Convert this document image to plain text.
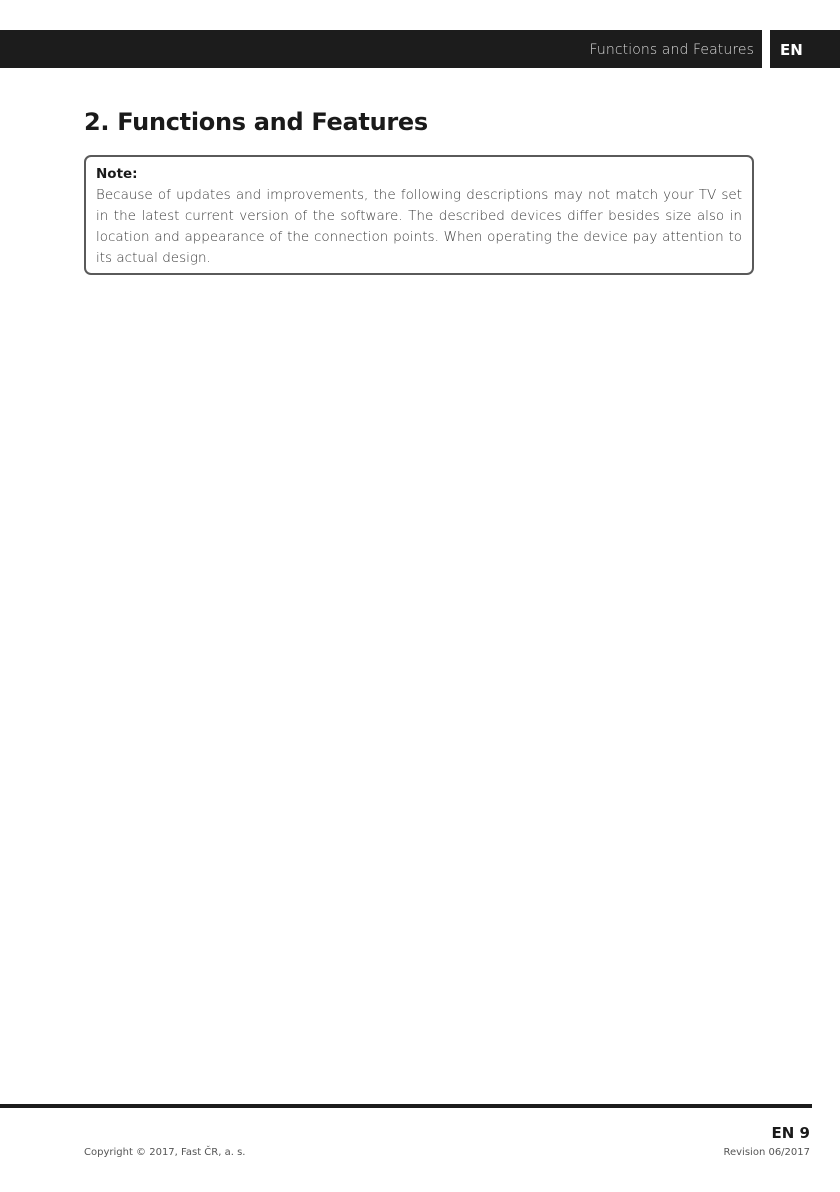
Functions and Features EN
2. Functions and Features
Note:
Because of updates and improvements, the following descriptions may not match your TV set in the latest current version of the software. The described devices differ besides size also in location and appearance of the connection points. When operating the device pay attention to its actual design.
EN 9
Copyright © 2017, Fast ČR, a. s.	Revision 06/2017
